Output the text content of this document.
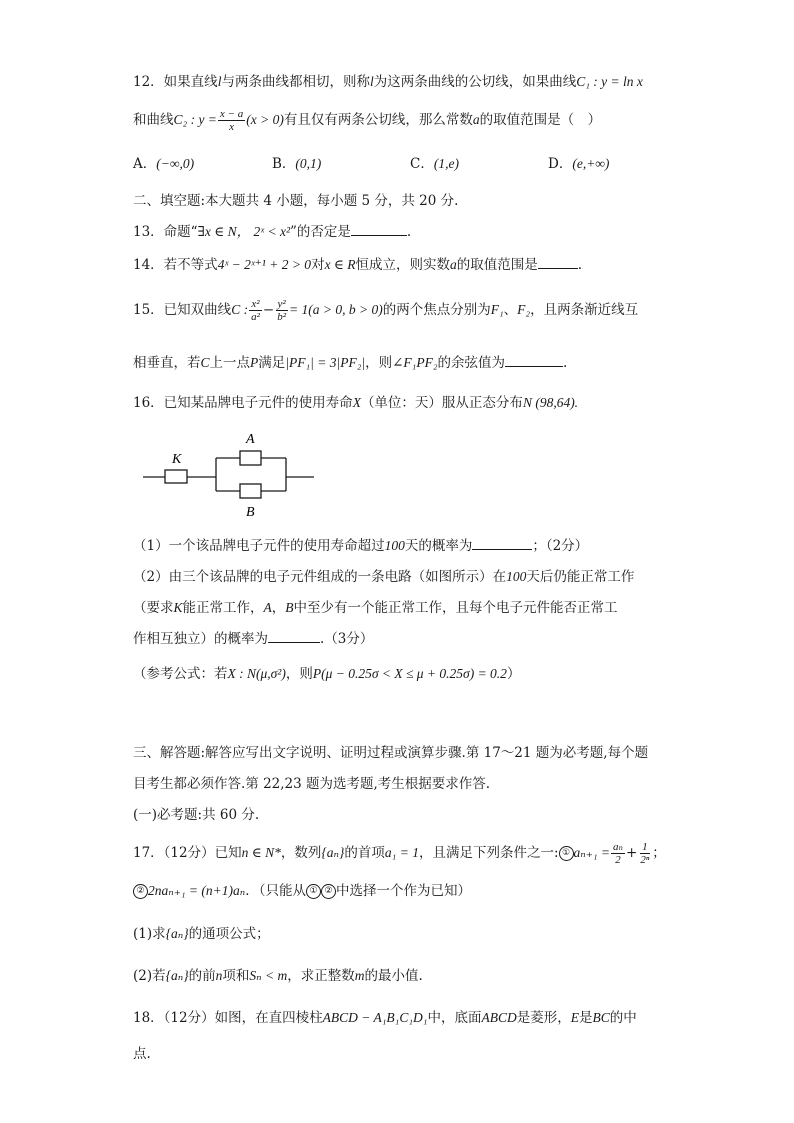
12．如果直线l与两条曲线都相切，则称l为这两条曲线的公切线，如果曲线C₁ : y = ln x
和曲线C₂ : $y = \frac{x - a}{x} (x > 0)$有且仅有两条公切线，那么常数a的取值范围是（　）
A．(−∞,0)	B．(0,1)	C．(1,e)	D．(e,+∞)
二、填空题:本大题共 4 小题，每小题 5 分，共 20 分.
13．命题“∃x ∈ N， 2ˣ < x²”的否定是	.
14．若不等式4ˣ − 2ˣ⁺¹ + 2 > 0对x ∈ R恒成立，则实数a的取值范围是	.
15．已知双曲线C : $\frac{\text{x²}}{\text{a²}} - \frac{\text{y²}}{\text{b²}} = 1(a > 0$, b > 0)的两个焦点分别为F₁、F₂，且两条渐近线互
相垂直，若C上一点P满足|PF₁| = 3|PF₂|，则∠F₁PF₂的余弦值为	.
16．已知某品牌电子元件的使用寿命X（单位：天）服从正态分布N (98,64).
K
A
B
（1）一个该品牌电子元件的使用寿命超过100天的概率为	；（2分）
（2）由三个该品牌的电子元件组成的一条电路（如图所示）在100天后仍能正常工作
（要求K能正常工作，A，B中至少有一个能正常工作，且每个电子元件能否正常工
作相互独立）的概率为	.（3分）
（参考公式：若X : N(μ,σ²)，则P(μ − 0.25σ < X ≤ μ + 0.25σ) = 0.2）
三、解答题:解答应写出文字说明、证明过程或演算步骤.第 17～21 题为必考题,每个题
目考生都必须作答.第 22,23 题为选考题,考生根据要求作答.
(一)必考题:共 60 分.
17．（12分）已知n ∈ N*，数列{aₙ}的首项a₁ = 1，且满足下列条件之一: ① $a_{n+1} = \frac{\text{aₙ}}{2} + \frac{1}{\text{2ⁿ}}$ ；
② 2naₙ₊₁ = (n+1)aₙ．（只能从 ① ② 中选择一个作为已知）
(1)求{aₙ}的通项公式；
(2)若{aₙ}的前n项和Sₙ < m，求正整数m的最小值.
18．（12分）如图，在直四棱柱ABCD − A₁B₁C₁D₁中，底面ABCD是菱形，E是BC的中
点.
